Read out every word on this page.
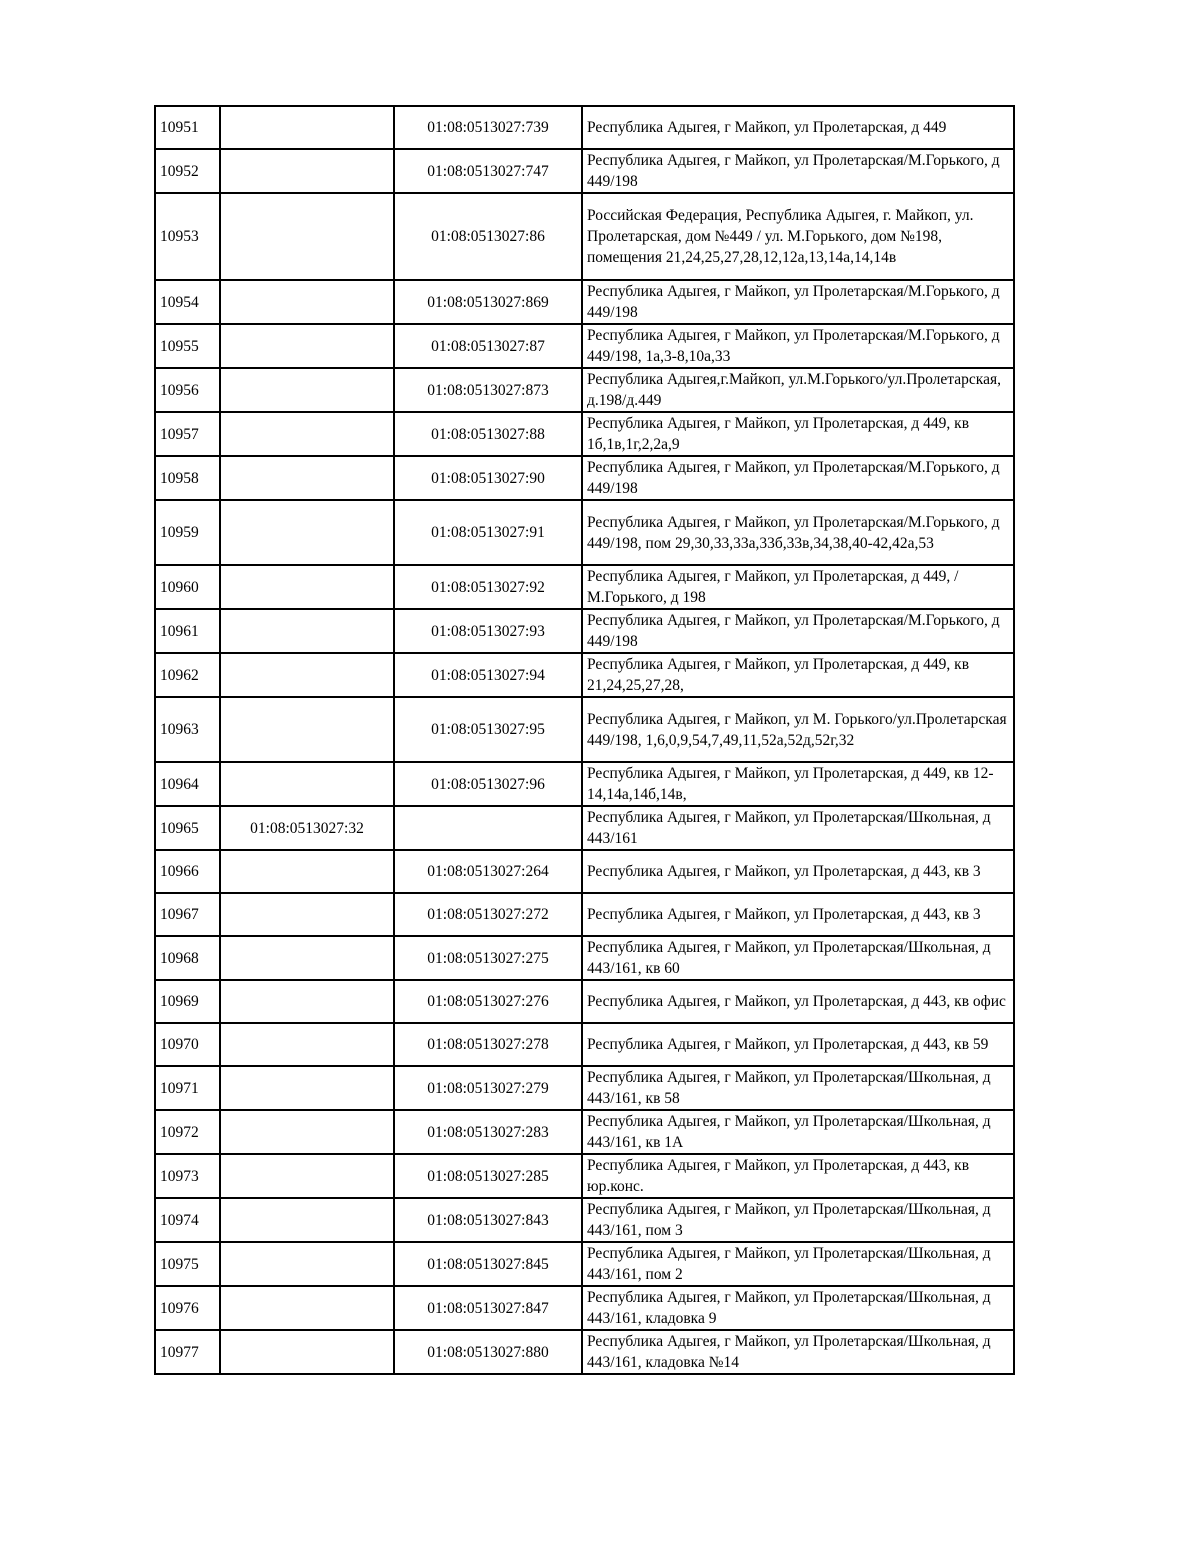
10951		01:08:0513027:739	Республика Адыгея, г Майкоп, ул Пролетарская, д 449
10952		01:08:0513027:747	Республика Адыгея, г Майкоп, ул Пролетарская/М.Горького, д 449/198
10953		01:08:0513027:86	Российская Федерация, Республика Адыгея, г. Майкоп, ул. Пролетарская, дом №449 / ул. М.Горького, дом №198, помещения 21,24,25,27,28,12,12а,13,14а,14,14в
10954		01:08:0513027:869	Республика Адыгея, г Майкоп, ул Пролетарская/М.Горького, д 449/198
10955		01:08:0513027:87	Республика Адыгея, г Майкоп, ул Пролетарская/М.Горького, д 449/198, 1а,3-8,10а,33
10956		01:08:0513027:873	Республика Адыгея,г.Майкоп, ул.М.Горького/ул.Пролетарская, д.198/д.449
10957		01:08:0513027:88	Республика Адыгея, г Майкоп, ул Пролетарская, д 449, кв 1б,1в,1г,2,2а,9
10958		01:08:0513027:90	Республика Адыгея, г Майкоп, ул Пролетарская/М.Горького, д 449/198
10959		01:08:0513027:91	Республика Адыгея, г Майкоп, ул Пролетарская/М.Горького, д 449/198, пом 29,30,33,33а,33б,33в,34,38,40-42,42а,53
10960		01:08:0513027:92	Республика Адыгея, г Майкоп, ул Пролетарская, д 449, /М.Горького, д 198
10961		01:08:0513027:93	Республика Адыгея, г Майкоп, ул Пролетарская/М.Горького, д 449/198
10962		01:08:0513027:94	Республика Адыгея, г Майкоп, ул Пролетарская, д 449, кв 21,24,25,27,28,
10963		01:08:0513027:95	Республика Адыгея, г Майкоп, ул М. Горького/ул.Пролетарская 449/198, 1,6,0,9,54,7,49,11,52а,52д,52г,32
10964		01:08:0513027:96	Республика Адыгея, г Майкоп, ул Пролетарская, д 449, кв 12-14,14а,14б,14в,
10965	01:08:0513027:32		Республика Адыгея, г Майкоп, ул Пролетарская/Школьная, д 443/161
10966		01:08:0513027:264	Республика Адыгея, г Майкоп, ул Пролетарская, д 443, кв 3
10967		01:08:0513027:272	Республика Адыгея, г Майкоп, ул Пролетарская, д 443, кв 3
10968		01:08:0513027:275	Республика Адыгея, г Майкоп, ул Пролетарская/Школьная, д 443/161, кв 60
10969		01:08:0513027:276	Республика Адыгея, г Майкоп, ул Пролетарская, д 443, кв офис
10970		01:08:0513027:278	Республика Адыгея, г Майкоп, ул Пролетарская, д 443, кв 59
10971		01:08:0513027:279	Республика Адыгея, г Майкоп, ул Пролетарская/Школьная, д 443/161, кв 58
10972		01:08:0513027:283	Республика Адыгея, г Майкоп, ул Пролетарская/Школьная, д 443/161, кв 1А
10973		01:08:0513027:285	Республика Адыгея, г Майкоп, ул Пролетарская, д 443, кв юр.конс.
10974		01:08:0513027:843	Республика Адыгея, г Майкоп, ул Пролетарская/Школьная, д 443/161, пом 3
10975		01:08:0513027:845	Республика Адыгея, г Майкоп, ул Пролетарская/Школьная, д 443/161, пом 2
10976		01:08:0513027:847	Республика Адыгея, г Майкоп, ул Пролетарская/Школьная, д 443/161, кладовка 9
10977		01:08:0513027:880	Республика Адыгея, г Майкоп, ул Пролетарская/Школьная, д 443/161, кладовка №14
